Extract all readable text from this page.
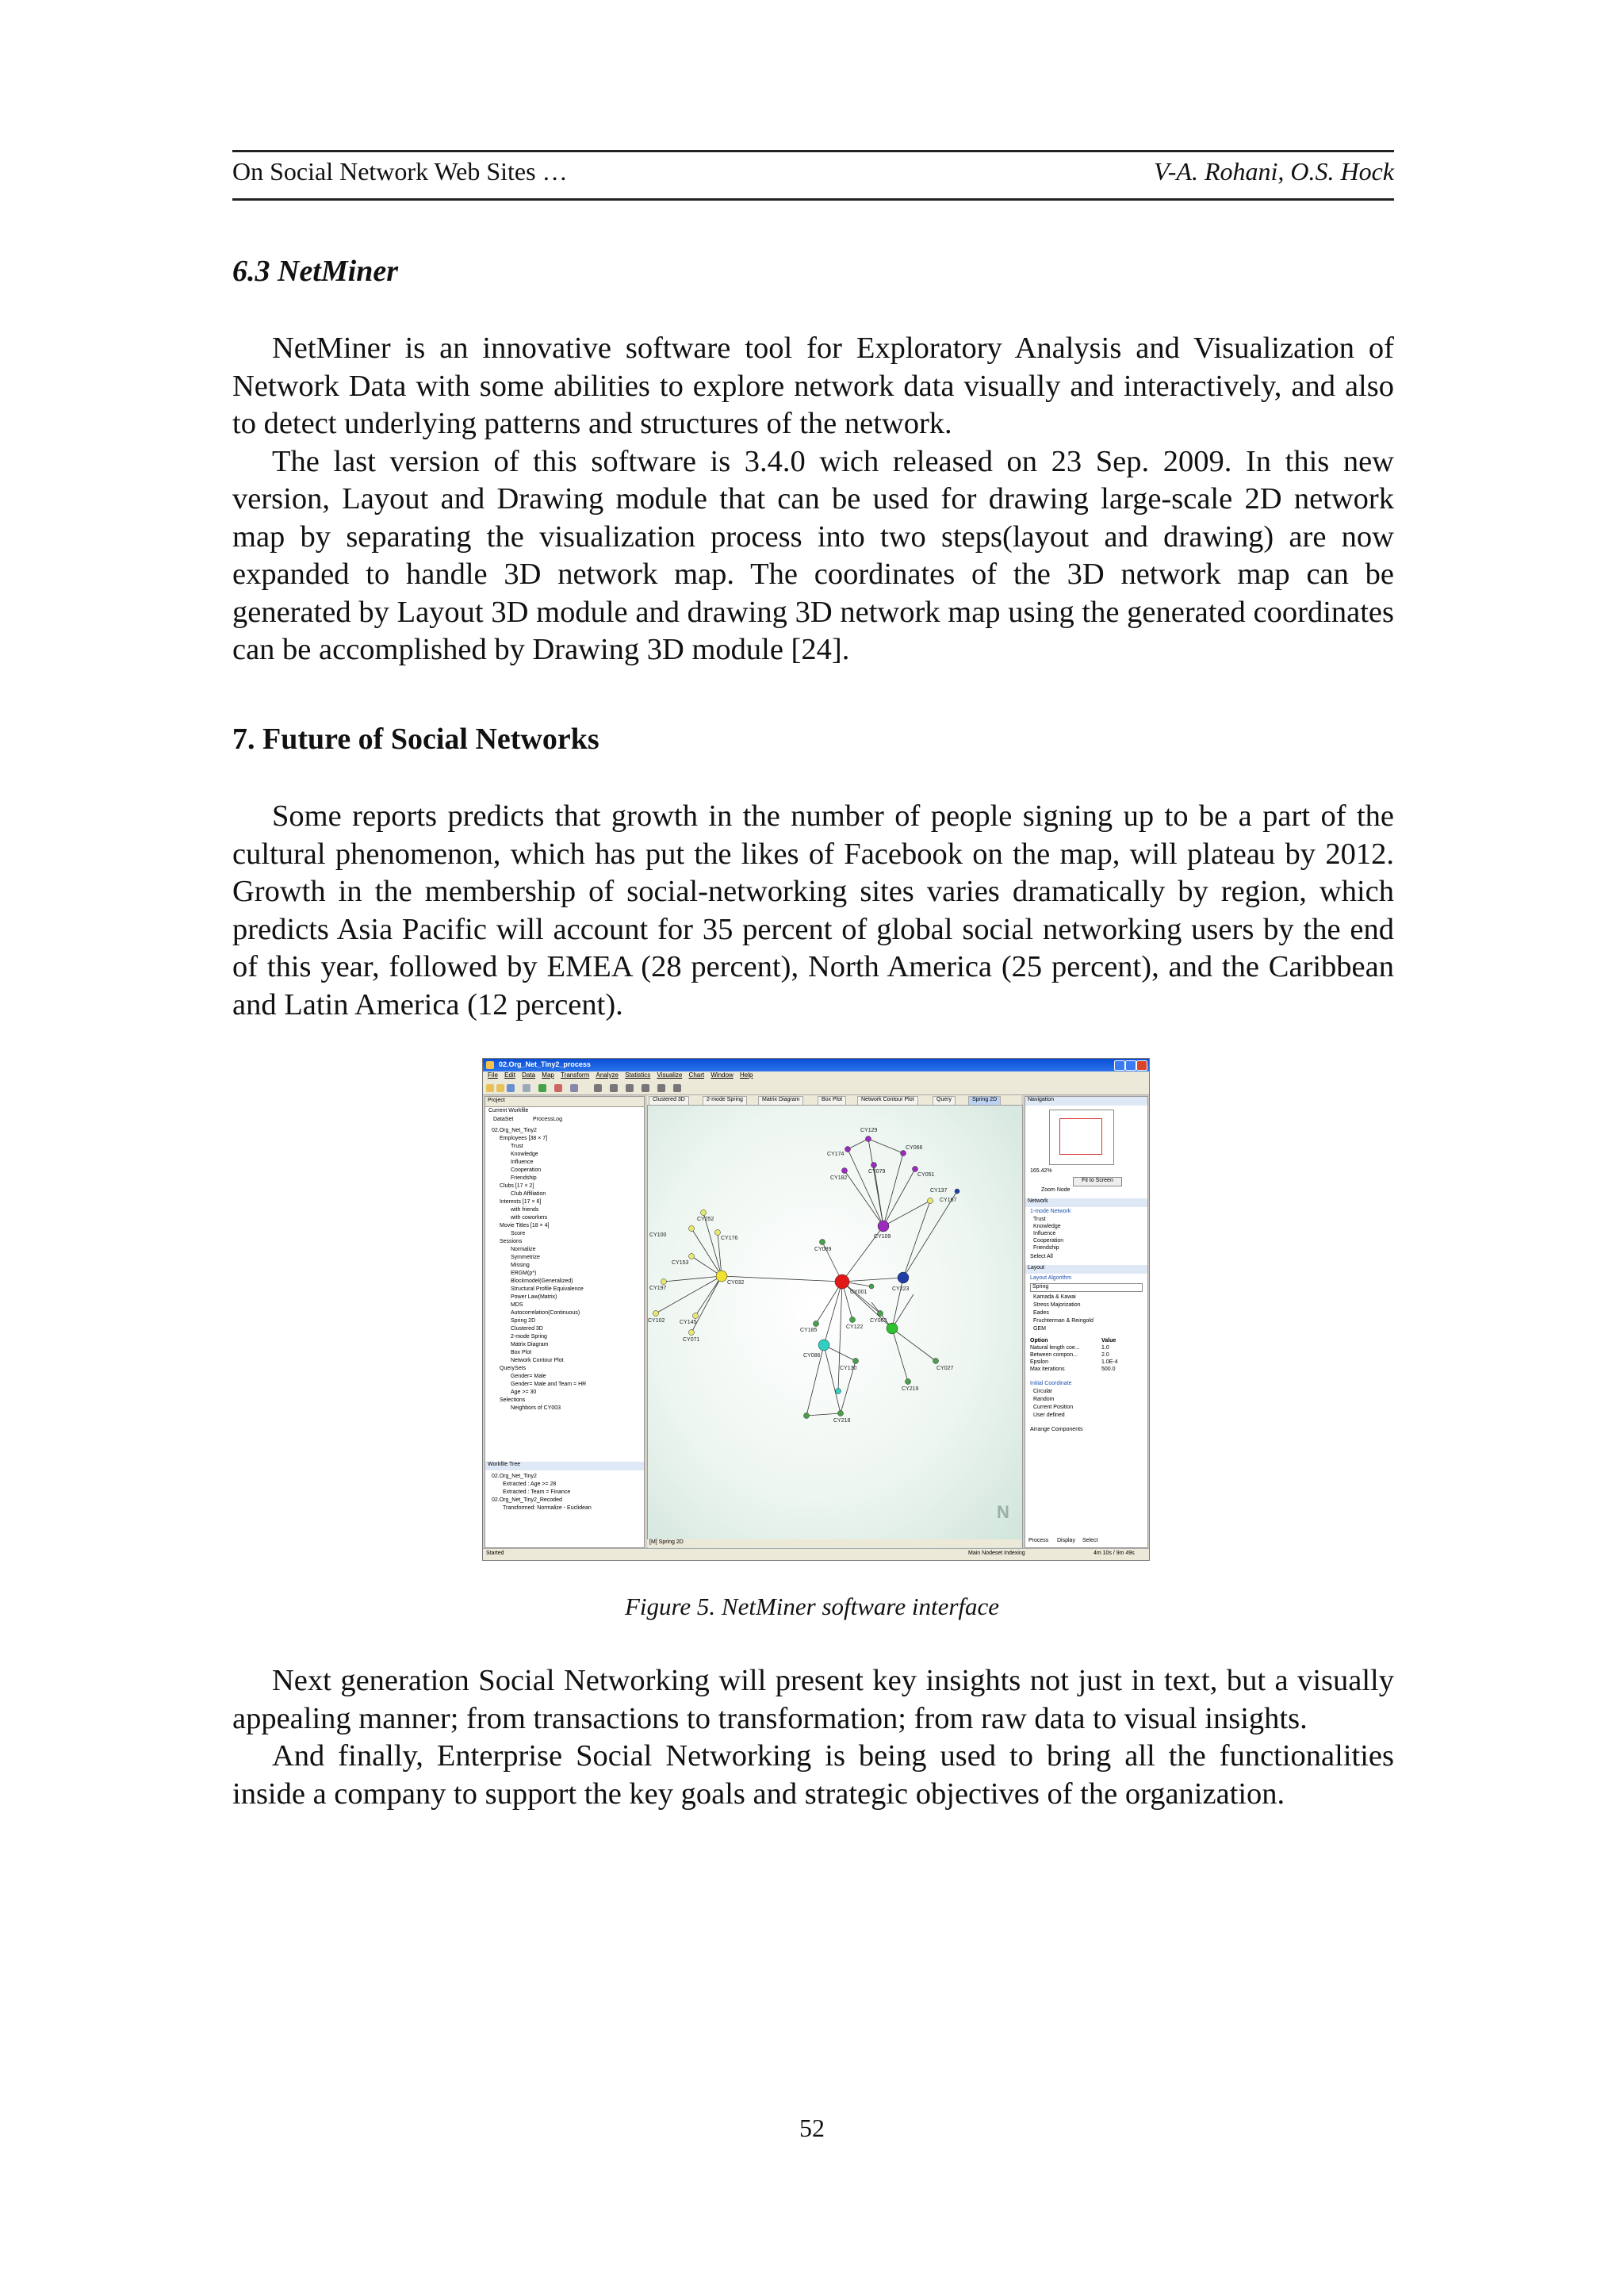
On Social Network Web Sites …	V-A. Rohani, O.S. Hock
6.3 NetMiner

NetMiner is an innovative software tool for Exploratory Analysis and Visualization of Network Data with some abilities to explore network data visually and interactively, and also to detect underlying patterns and structures of the network.

The last version of this software is 3.4.0 wich released on 23 Sep. 2009. In this new version, Layout and Drawing module that can be used for drawing large-scale 2D network map by separating the visualization process into two steps(layout and drawing) are now expanded to handle 3D network map. The coordinates of the 3D network map can be generated by Layout 3D module and drawing 3D network map using the generated coordinates can be accomplished by Drawing 3D module [24].

7. Future of Social Networks

Some reports predicts that growth in the number of people signing up to be a part of the cultural phenomenon, which has put the likes of Facebook on the map, will plateau by 2012. Growth in the membership of social-networking sites varies dramatically by region, which predicts Asia Pacific will account for 35 percent of global social networking users by the end of this year, followed by EMEA (28 percent), North America (25 percent), and the Caribbean and Latin America (12 percent).

02.Org_Net_Tiny2_process
File Edit Data Map Transform Analyze Statistics Visualize Chart Window Help
Project
Current Workfile
DataSet	ProcessLog
02.Org_Net_Tiny2
Employees [38 × 7]
Trust
Knowledge
Influence
Cooperation
Friendship
Clubs [17 × 2]
Club Affiliation
Interests [17 × 6]
with friends
with coworkers
Movie Titles [18 × 4]
Score
Sessions
Normalize
Symmetrize
Missing
ERGM(p*)
Blockmodel(Generalized)
Structural Profile Equivalence
Power Law(Matrix)
MDS
Autocorrelation(Continuous)
Spring 2D
Clustered 3D
2-mode Spring
Matrix Diagram
Box Plot
Network Contour Plot
QuerySets
Gender= Male
Gender= Male and Team = HR
Age >= 30
Selections
Neighbors of CY003
Workfile Tree
02.Org_Net_Tiny2
Extracted : Age >= 28
Extracted : Team = Finance
02.Org_Net_Tiny2_Recoded
Transformed: Normalize - Euclidean
Clustered 3D	2-mode Spring	Matrix Diagram	Box Plot	Network Contour Plot	Query	Spring 2D
CY129
CY174
CY066
CY079
CY182
CY051
CY137
CY109
CY167
CY252
CY100
CY176
CY153
CY089
CY032
CY197
CY001
CY223
CY102	CY145	CY063
CY185
CY122
CY071
CY086
CY130	CY027
CY219
CY218
N
[M] Spring 2D
Navigation
165.42%
Fit to Screen
Zoom Node
Network
1-mode Network
Trust
Knowledge
Influence
Cooperation
Friendship
Select All
Layout
Layout Algorithm
Spring
Kamada & Kawai
Stress Majorization
Eades
Fruchterman & Reingold
GEM
Option	Value
Natural length coe...	1.0
Between compon...	2.0
Epsilon	1.0E-4
Max iterations	500.0
Initial Coordinate
Circular
Random
Current Position
User defined
Arrange Components
Process Display Select
Started	Main Nodeset Indexing	4m 10s / 9m 49s
Figure 5. NetMiner software interface

Next generation Social Networking will present key insights not just in text, but a visually appealing manner; from transactions to transformation; from raw data to visual insights.

And finally, Enterprise Social Networking is being used to bring all the functionalities inside a company to support the key goals and strategic objectives of the organization.

52
